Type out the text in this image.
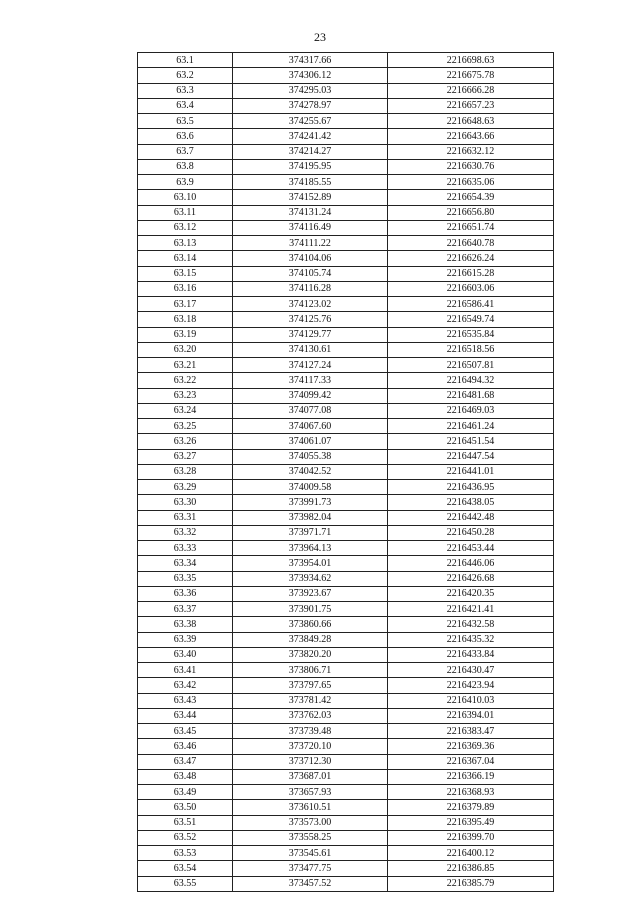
23
63.1	374317.66	2216698.63
63.2	374306.12	2216675.78
63.3	374295.03	2216666.28
63.4	374278.97	2216657.23
63.5	374255.67	2216648.63
63.6	374241.42	2216643.66
63.7	374214.27	2216632.12
63.8	374195.95	2216630.76
63.9	374185.55	2216635.06
63.10	374152.89	2216654.39
63.11	374131.24	2216656.80
63.12	374116.49	2216651.74
63.13	374111.22	2216640.78
63.14	374104.06	2216626.24
63.15	374105.74	2216615.28
63.16	374116.28	2216603.06
63.17	374123.02	2216586.41
63.18	374125.76	2216549.74
63.19	374129.77	2216535.84
63.20	374130.61	2216518.56
63.21	374127.24	2216507.81
63.22	374117.33	2216494.32
63.23	374099.42	2216481.68
63.24	374077.08	2216469.03
63.25	374067.60	2216461.24
63.26	374061.07	2216451.54
63.27	374055.38	2216447.54
63.28	374042.52	2216441.01
63.29	374009.58	2216436.95
63.30	373991.73	2216438.05
63.31	373982.04	2216442.48
63.32	373971.71	2216450.28
63.33	373964.13	2216453.44
63.34	373954.01	2216446.06
63.35	373934.62	2216426.68
63.36	373923.67	2216420.35
63.37	373901.75	2216421.41
63.38	373860.66	2216432.58
63.39	373849.28	2216435.32
63.40	373820.20	2216433.84
63.41	373806.71	2216430.47
63.42	373797.65	2216423.94
63.43	373781.42	2216410.03
63.44	373762.03	2216394.01
63.45	373739.48	2216383.47
63.46	373720.10	2216369.36
63.47	373712.30	2216367.04
63.48	373687.01	2216366.19
63.49	373657.93	2216368.93
63.50	373610.51	2216379.89
63.51	373573.00	2216395.49
63.52	373558.25	2216399.70
63.53	373545.61	2216400.12
63.54	373477.75	2216386.85
63.55	373457.52	2216385.79
